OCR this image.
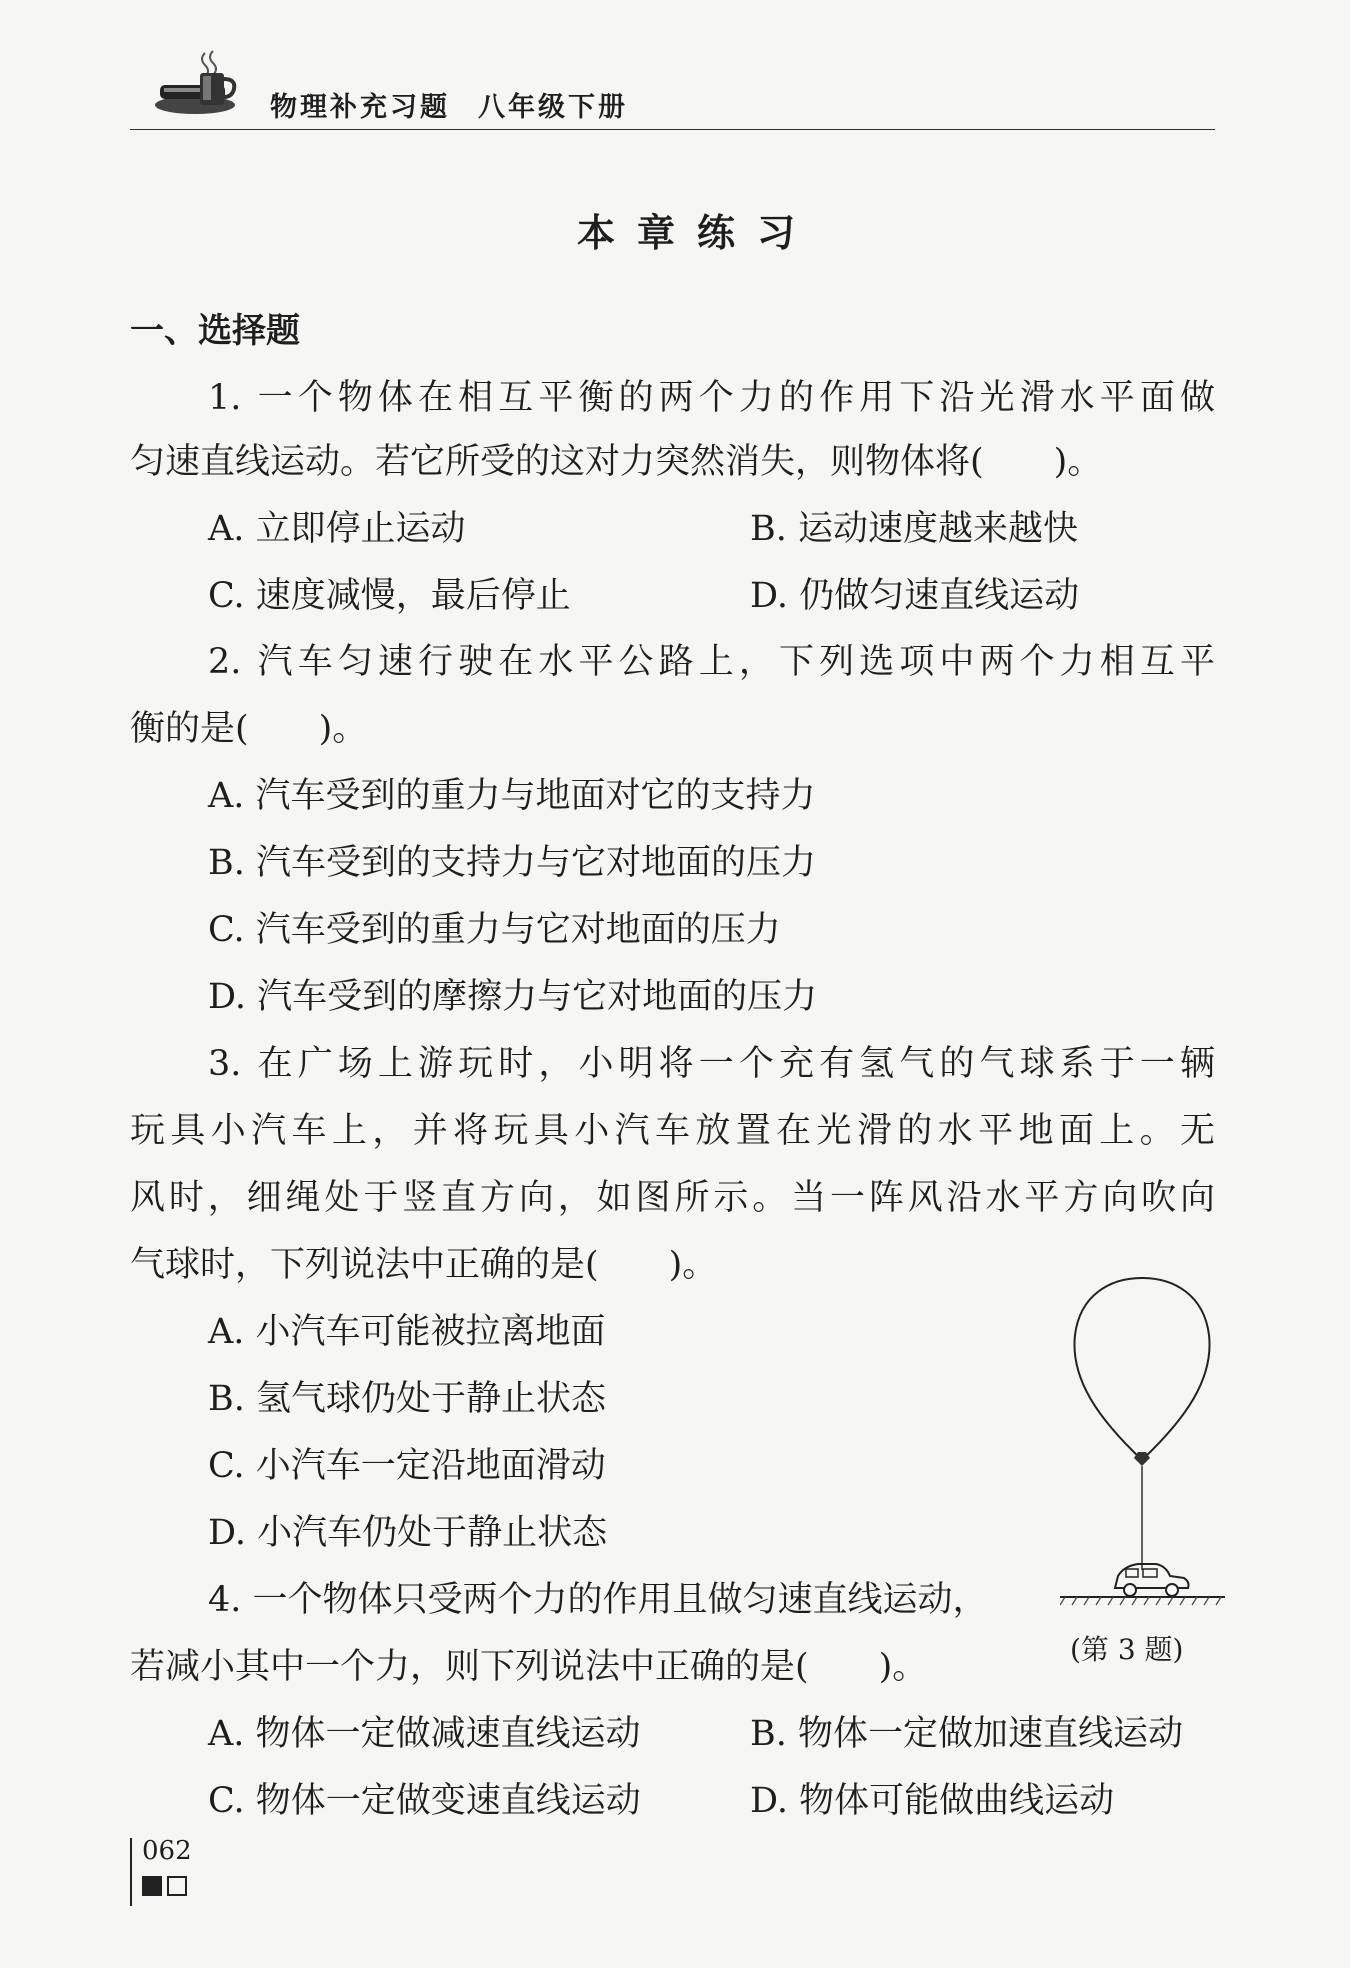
物理补充习题 八年级下册
本章练习
一、选择题
1. 一个物体在相互平衡的两个力的作用下沿光滑水平面做
匀速直线运动。若它所受的这对力突然消失，则物体将(　　)。
A. 立即停止运动	B. 运动速度越来越快
C. 速度减慢，最后停止	D. 仍做匀速直线运动
2. 汽车匀速行驶在水平公路上，下列选项中两个力相互平
衡的是(　　)。
A. 汽车受到的重力与地面对它的支持力
B. 汽车受到的支持力与它对地面的压力
C. 汽车受到的重力与它对地面的压力
D. 汽车受到的摩擦力与它对地面的压力
3. 在广场上游玩时，小明将一个充有氢气的气球系于一辆
玩具小汽车上，并将玩具小汽车放置在光滑的水平地面上。无
风时，细绳处于竖直方向，如图所示。当一阵风沿水平方向吹向
气球时，下列说法中正确的是(　　)。
A. 小汽车可能被拉离地面
B. 氢气球仍处于静止状态
C. 小汽车一定沿地面滑动
D. 小汽车仍处于静止状态
(第 3 题)
4. 一个物体只受两个力的作用且做匀速直线运动，
若减小其中一个力，则下列说法中正确的是(　　)。
A. 物体一定做减速直线运动	B. 物体一定做加速直线运动
C. 物体一定做变速直线运动	D. 物体可能做曲线运动
062
